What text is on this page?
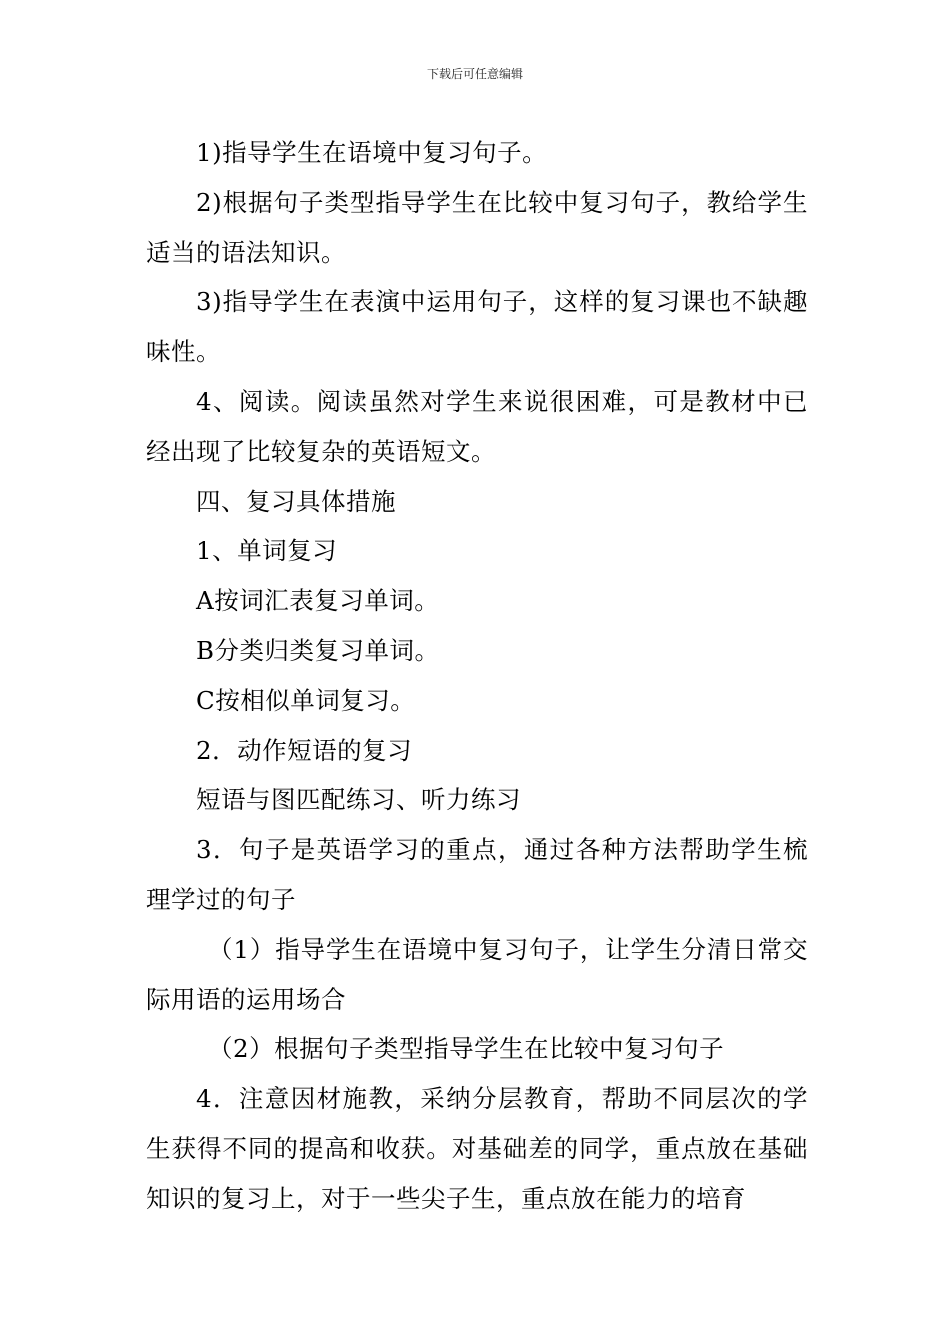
下载后可任意编辑

1)指导学生在语境中复习句子。

2)根据句子类型指导学生在比较中复习句子，教给学生适当的语法知识。

3)指导学生在表演中运用句子，这样的复习课也不缺趣味性。

4、阅读。阅读虽然对学生来说很困难，可是教材中已经出现了比较复杂的英语短文。

四、复习具体措施

1、单词复习

A按词汇表复习单词。

B分类归类复习单词。

C按相似单词复习。

2．动作短语的复习

短语与图匹配练习、听力练习

3．句子是英语学习的重点，通过各种方法帮助学生梳理学过的句子

（1）指导学生在语境中复习句子，让学生分清日常交际用语的运用场合

（2）根据句子类型指导学生在比较中复习句子

4．注意因材施教，采纳分层教育，帮助不同层次的学生获得不同的提高和收获。对基础差的同学，重点放在基础知识的复习上，对于一些尖子生，重点放在能力的培育
